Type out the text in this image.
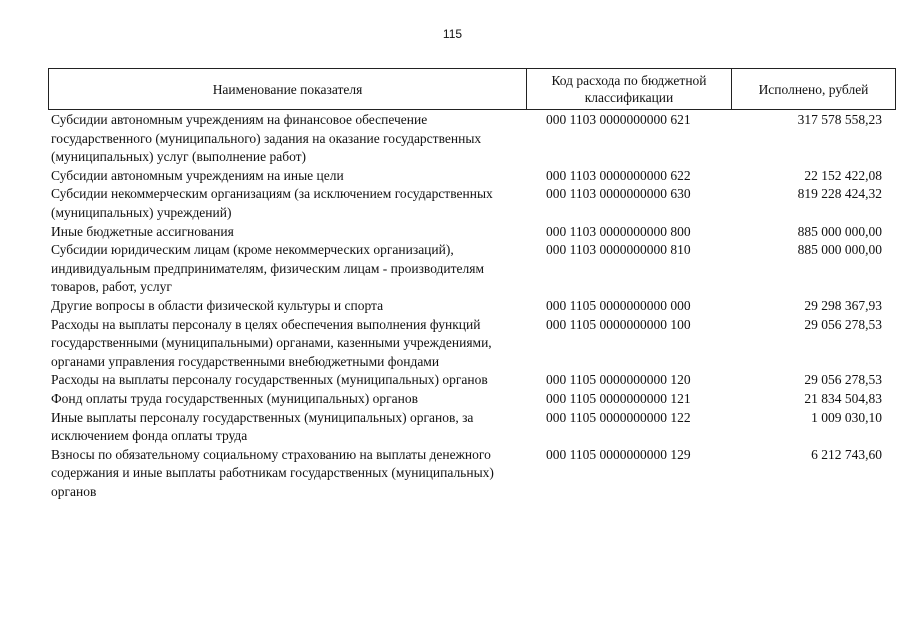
115
Наименование показателя	Код расхода по бюджетной классификации	Исполнено, рублей
Субсидии автономным учреждениям на финансовое обеспечение государственного (муниципального) задания на оказание государственных (муниципальных) услуг (выполнение работ)
000 1103 0000000000 621	317 578 558,23
Субсидии автономным учреждениям на иные цели	000 1103 0000000000 622	22 152 422,08
Субсидии некоммерческим организациям (за исключением государственных (муниципальных) учреждений)
000 1103 0000000000 630	819 228 424,32
Иные бюджетные ассигнования	000 1103 0000000000 800	885 000 000,00
Субсидии юридическим лицам (кроме некоммерческих организаций), индивидуальным предпринимателям, физическим лицам - производителям товаров, работ, услуг
000 1103 0000000000 810	885 000 000,00
Другие вопросы в области физической культуры и спорта	000 1105 0000000000 000	29 298 367,93
Расходы на выплаты персоналу в целях обеспечения выполнения функций государственными (муниципальными) органами, казенными учреждениями, органами управления государственными внебюджетными фондами
000 1105 0000000000 100	29 056 278,53
Расходы на выплаты персоналу государственных (муниципальных) органов	000 1105 0000000000 120	29 056 278,53
Фонд оплаты труда государственных (муниципальных) органов	000 1105 0000000000 121	21 834 504,83
Иные выплаты персоналу государственных (муниципальных) органов, за исключением фонда оплаты труда
000 1105 0000000000 122	1 009 030,10
Взносы по обязательному социальному страхованию на выплаты денежного содержания и иные выплаты работникам государственных (муниципальных) органов
000 1105 0000000000 129	6 212 743,60
